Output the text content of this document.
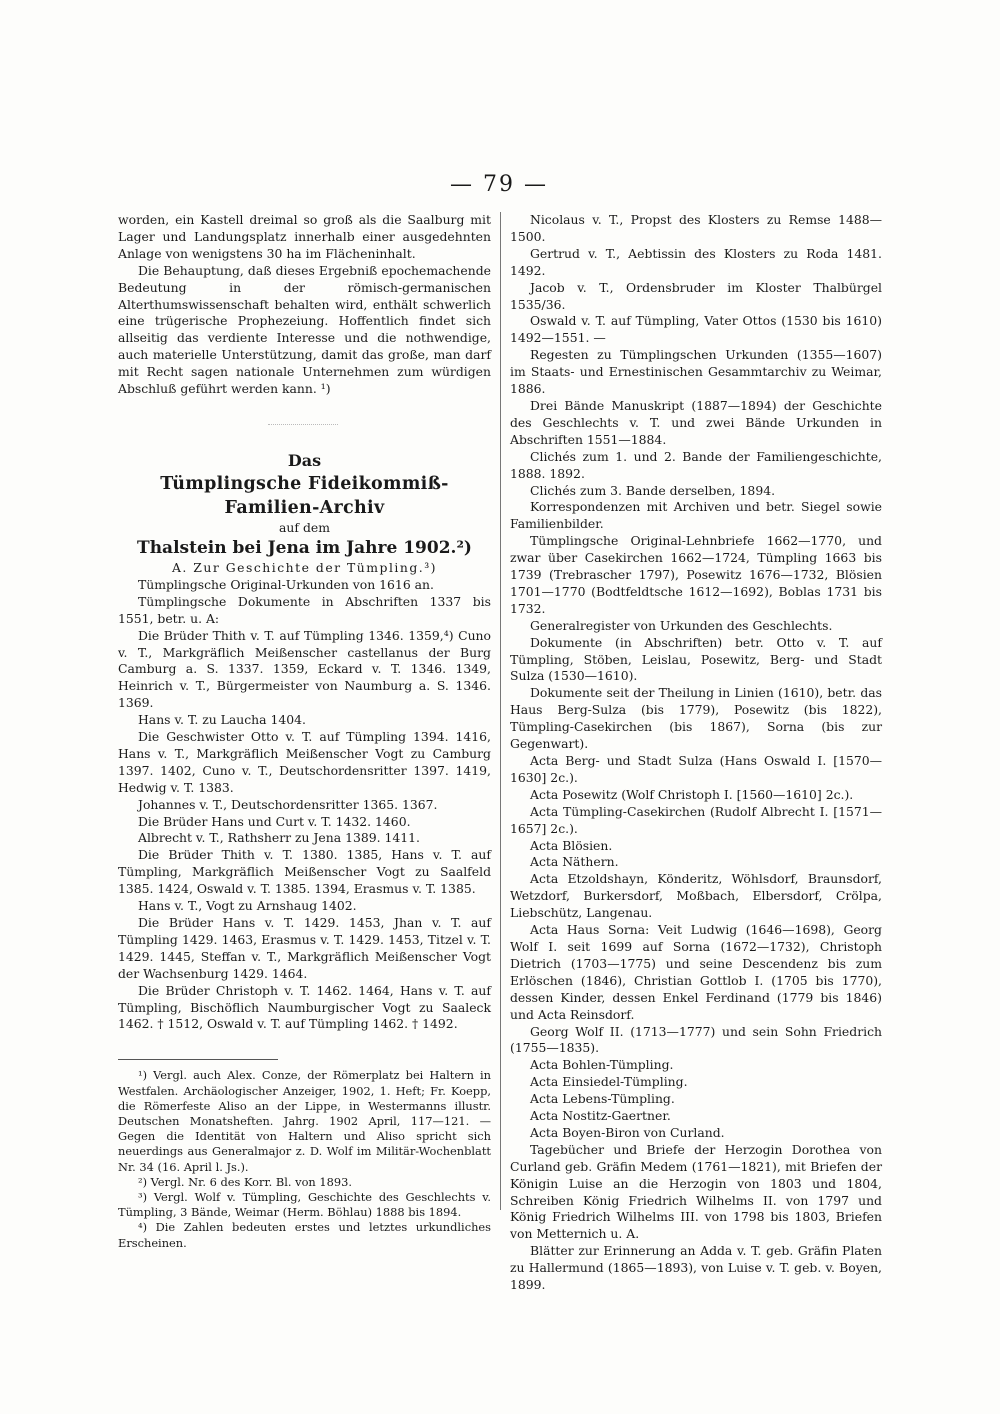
— 79 —

worden, ein Kastell dreimal so groß als die Saalburg mit Lager und Landungsplatz innerhalb einer ausgedehnten Anlage von wenigstens 30 ha im Flächeninhalt.

Die Behauptung, daß dieses Ergebniß epochemachende Bedeutung in der römisch-germanischen Alterthumswissenschaft behalten wird, enthält schwerlich eine trügerische Prophezeiung. Hoffentlich findet sich allseitig das verdiente Interesse und die nothwendige, auch materielle Unterstützung, damit das große, man darf mit Recht sagen nationale Unternehmen zum würdigen Abschluß geführt werden kann. ¹)

Das

Tümplingsche Fideikommiß-Familien-Archiv

auf dem

Thalstein bei Jena im Jahre 1902.²)

A. Zur Geschichte der Tümpling.³)

Tümplingsche Original-Urkunden von 1616 an.

Tümplingsche Dokumente in Abschriften 1337 bis 1551, betr. u. A:

Die Brüder Thith v. T. auf Tümpling 1346. 1359,⁴) Cuno v. T., Markgräflich Meißenscher castellanus der Burg Camburg a. S. 1337. 1359, Eckard v. T. 1346. 1349, Heinrich v. T., Bürgermeister von Naumburg a. S. 1346. 1369.

Hans v. T. zu Laucha 1404.

Die Geschwister Otto v. T. auf Tümpling 1394. 1416, Hans v. T., Markgräflich Meißenscher Vogt zu Camburg 1397. 1402, Cuno v. T., Deutschordensritter 1397. 1419, Hedwig v. T. 1383.

Johannes v. T., Deutschordensritter 1365. 1367.

Die Brüder Hans und Curt v. T. 1432. 1460.

Albrecht v. T., Rathsherr zu Jena 1389. 1411.

Die Brüder Thith v. T. 1380. 1385, Hans v. T. auf Tümpling, Markgräflich Meißenscher Vogt zu Saalfeld 1385. 1424, Oswald v. T. 1385. 1394, Erasmus v. T. 1385.

Hans v. T., Vogt zu Arnshaug 1402.

Die Brüder Hans v. T. 1429. 1453, Jhan v. T. auf Tümpling 1429. 1463, Erasmus v. T. 1429. 1453, Titzel v. T. 1429. 1445, Steffan v. T., Markgräflich Meißenscher Vogt der Wachsenburg 1429. 1464.

Die Brüder Christoph v. T. 1462. 1464, Hans v. T. auf Tümpling, Bischöflich Naumburgischer Vogt zu Saaleck 1462. † 1512, Oswald v. T. auf Tümpling 1462. † 1492.

¹) Vergl. auch Alex. Conze, der Römerplatz bei Haltern in Westfalen. Archäologischer Anzeiger, 1902, 1. Heft; Fr. Koepp, die Römerfeste Aliso an der Lippe, in Westermanns illustr. Deutschen Monatsheften. Jahrg. 1902 April, 117—121. — Gegen die Identität von Haltern und Aliso spricht sich neuerdings aus Generalmajor z. D. Wolf im Militär-Wochenblatt Nr. 34 (16. April l. Js.).

²) Vergl. Nr. 6 des Korr. Bl. von 1893.

³) Vergl. Wolf v. Tümpling, Geschichte des Geschlechts v. Tümpling, 3 Bände, Weimar (Herm. Böhlau) 1888 bis 1894.

⁴) Die Zahlen bedeuten erstes und letztes urkundliches Erscheinen.

Nicolaus v. T., Propst des Klosters zu Remse 1488—1500.

Gertrud v. T., Aebtissin des Klosters zu Roda 1481. 1492.

Jacob v. T., Ordensbruder im Kloster Thalbürgel 1535/36.

Oswald v. T. auf Tümpling, Vater Ottos (1530 bis 1610) 1492—1551. —

Regesten zu Tümplingschen Urkunden (1355—1607) im Staats- und Ernestinischen Gesammtarchiv zu Weimar, 1886.

Drei Bände Manuskript (1887—1894) der Geschichte des Geschlechts v. T. und zwei Bände Urkunden in Abschriften 1551—1884.

Clichés zum 1. und 2. Bande der Familiengeschichte, 1888. 1892.

Clichés zum 3. Bande derselben, 1894.

Korrespondenzen mit Archiven und betr. Siegel sowie Familienbilder.

Tümplingsche Original-Lehnbriefe 1662—1770, und zwar über Casekirchen 1662—1724, Tümpling 1663 bis 1739 (Trebrascher 1797), Posewitz 1676—1732, Blösien 1701—1770 (Bodtfeldtsche 1612—1692), Boblas 1731 bis 1732.

Generalregister von Urkunden des Geschlechts.

Dokumente (in Abschriften) betr. Otto v. T. auf Tümpling, Stöben, Leislau, Posewitz, Berg- und Stadt Sulza (1530—1610).

Dokumente seit der Theilung in Linien (1610), betr. das Haus Berg-Sulza (bis 1779), Posewitz (bis 1822), Tümpling-Casekirchen (bis 1867), Sorna (bis zur Gegenwart).

Acta Berg- und Stadt Sulza (Hans Oswald I. [1570—1630] 2c.).

Acta Posewitz (Wolf Christoph I. [1560—1610] 2c.).

Acta Tümpling-Casekirchen (Rudolf Albrecht I. [1571—1657] 2c.).

Acta Blösien.

Acta Näthern.

Acta Etzoldshayn, Könderitz, Wöhlsdorf, Braunsdorf, Wetzdorf, Burkersdorf, Moßbach, Elbersdorf, Crölpa, Liebschütz, Langenau.

Acta Haus Sorna: Veit Ludwig (1646—1698), Georg Wolf I. seit 1699 auf Sorna (1672—1732), Christoph Dietrich (1703—1775) und seine Descendenz bis zum Erlöschen (1846), Christian Gottlob I. (1705 bis 1770), dessen Kinder, dessen Enkel Ferdinand (1779 bis 1846) und Acta Reinsdorf.

Georg Wolf II. (1713—1777) und sein Sohn Friedrich (1755—1835).

Acta Bohlen-Tümpling.

Acta Einsiedel-Tümpling.

Acta Lebens-Tümpling.

Acta Nostitz-Gaertner.

Acta Boyen-Biron von Curland.

Tagebücher und Briefe der Herzogin Dorothea von Curland geb. Gräfin Medem (1761—1821), mit Briefen der Königin Luise an die Herzogin von 1803 und 1804, Schreiben König Friedrich Wilhelms II. von 1797 und König Friedrich Wilhelms III. von 1798 bis 1803, Briefen von Metternich u. A.

Blätter zur Erinnerung an Adda v. T. geb. Gräfin Platen zu Hallermund (1865—1893), von Luise v. T. geb. v. Boyen, 1899.
